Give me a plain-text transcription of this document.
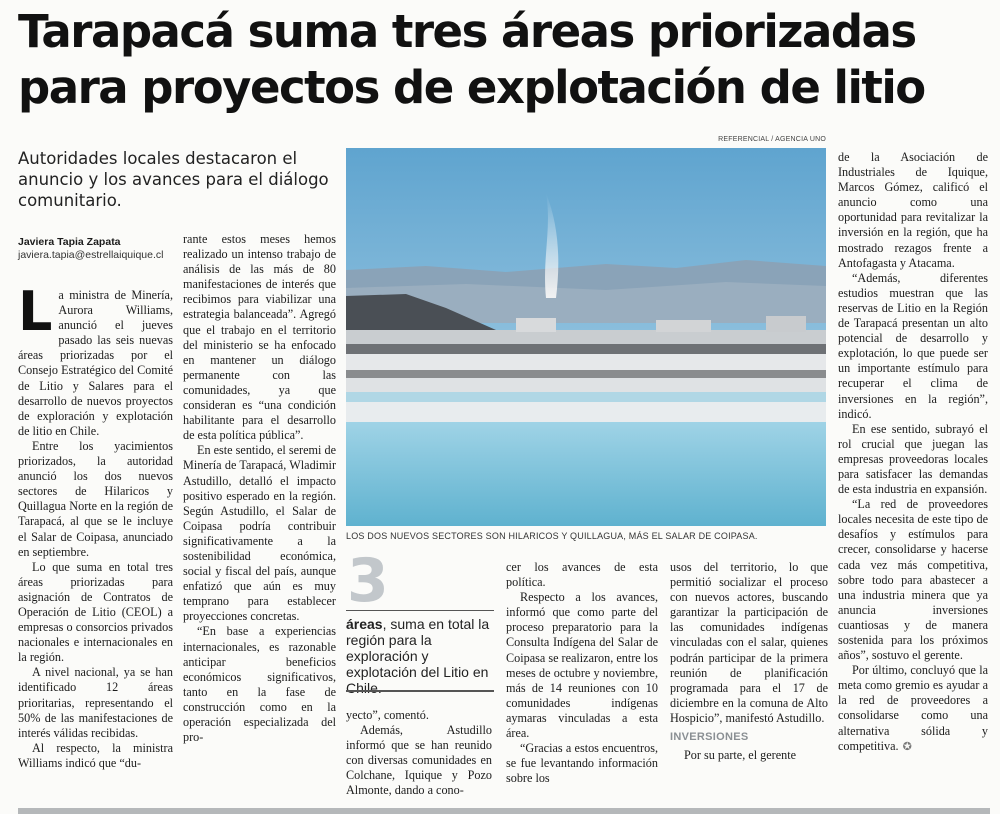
Tarapacá suma tres áreas priorizadas para proyectos de explotación de litio
Autoridades locales destacaron el anuncio y los avances para el diálogo comunitario.
Javiera Tapia Zapata
javiera.tapia@estrellaiquique.cl

La ministra de Minería, Aurora Williams, anunció el jueves pasado las seis nuevas áreas priorizadas por el Consejo Estratégico del Comité de Litio y Salares para el desarrollo de nuevos proyectos de exploración y explotación de litio en Chile.

Entre los yacimientos priorizados, la autoridad anunció los dos nuevos sectores de Hilaricos y Quillagua Norte en la región de Tarapacá, al que se le incluye el Salar de Coipasa, anunciado en septiembre.

Lo que suma en total tres áreas priorizadas para asignación de Contratos de Operación de Litio (CEOL) a empresas o consorcios privados nacionales e internacionales en la región.

A nivel nacional, ya se han identificado 12 áreas prioritarias, representando el 50% de las manifestaciones de interés válidas recibidas.

Al respecto, la ministra Williams indicó que “du-

rante estos meses hemos realizado un intenso trabajo de análisis de las más de 80 manifestaciones de interés que recibimos para viabilizar una estrategia balanceada”. Agregó que el trabajo en el territorio del ministerio se ha enfocado en mantener un diálogo permanente con las comunidades, ya que consideran es “una condición habilitante para el desarrollo de esta política pública”.

En este sentido, el seremi de Minería de Tarapacá, Wladimir Astudillo, detalló el impacto positivo esperado en la región. Según Astudillo, el Salar de Coipasa podría contribuir significativamente a la sostenibilidad económica, social y fiscal del país, aunque enfatizó que aún es muy temprano para establecer proyecciones concretas.

“En base a experiencias internacionales, es razonable anticipar beneficios económicos significativos, tanto en la fase de construcción como en la operación especializada del pro-

REFERENCIAL / AGENCIA UNO
LOS DOS NUEVOS SECTORES SON HILARICOS Y QUILLAGUA, MÁS EL SALAR DE COIPASA.
3
áreas, suma en total la región para la exploración y explotación del Litio en Chile.

yecto”, comentó.

Además, Astudillo informó que se han reunido con diversas comunidades en Colchane, Iquique y Pozo Almonte, dando a cono-

cer los avances de esta política.

Respecto a los avances, informó que como parte del proceso preparatorio para la Consulta Indígena del Salar de Coipasa se realizaron, entre los meses de octubre y noviembre, más de 14 reuniones con 10 comunidades indígenas aymaras vinculadas a esta área.

“Gracias a estos encuentros, se fue levantando información sobre los

usos del territorio, lo que permitió socializar el proceso con nuevos actores, buscando garantizar la participación de las comunidades indígenas vinculadas con el salar, quienes podrán participar de la primera reunión de planificación programada para el 17 de diciembre en la comuna de Alto Hospicio”, manifestó Astudillo.

INVERSIONES

Por su parte, el gerente

de la Asociación de Industriales de Iquique, Marcos Gómez, calificó el anuncio como una oportunidad para revitalizar la inversión en la región, que ha mostrado rezagos frente a Antofagasta y Atacama.

“Además, diferentes estudios muestran que las reservas de Litio en la Región de Tarapacá presentan un alto potencial de desarrollo y explotación, lo que puede ser un importante estímulo para recuperar el clima de inversiones en la región”, indicó.

En ese sentido, subrayó el rol crucial que juegan las empresas proveedoras locales para satisfacer las demandas de esta industria en expansión.

“La red de proveedores locales necesita de este tipo de desafíos y estímulos para crecer, consolidarse y hacerse cada vez más competitiva, sobre todo para abastecer a una industria minera que ya anuncia inversiones cuantiosas y de manera sostenida para los próximos años”, sostuvo el gerente.

Por último, concluyó que la meta como gremio es ayudar a la red de proveedores a consolidarse como una alternativa sólida y competitiva. ✪
